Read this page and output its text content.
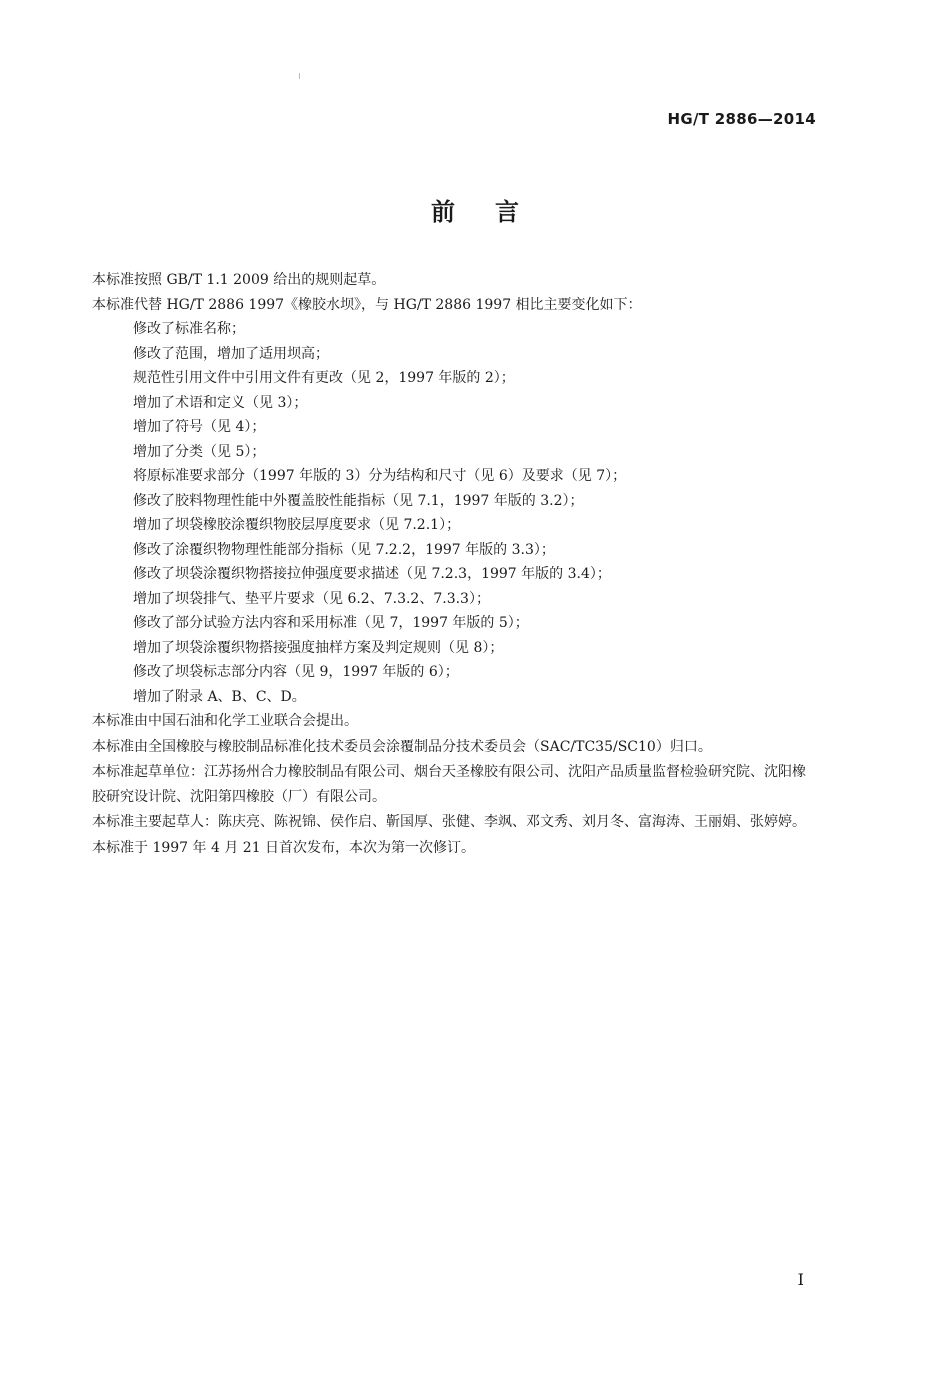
HG/T 2886—2014
前言

本标准按照 GB/T 1.1 2009 给出的规则起草。

本标准代替 HG/T 2886 1997《橡胶水坝》，与 HG/T 2886 1997 相比主要变化如下：

修改了标准名称；

修改了范围，增加了适用坝高；

规范性引用文件中引用文件有更改（见 2，1997 年版的 2）；

增加了术语和定义（见 3）；

增加了符号（见 4）；

增加了分类（见 5）；

将原标准要求部分（1997 年版的 3）分为结构和尺寸（见 6）及要求（见 7）；

修改了胶料物理性能中外覆盖胶性能指标（见 7.1，1997 年版的 3.2）；

增加了坝袋橡胶涂覆织物胶层厚度要求（见 7.2.1）；

修改了涂覆织物物理性能部分指标（见 7.2.2，1997 年版的 3.3）；

修改了坝袋涂覆织物搭接拉伸强度要求描述（见 7.2.3，1997 年版的 3.4）；

增加了坝袋排气、垫平片要求（见 6.2、7.3.2、7.3.3）；

修改了部分试验方法内容和采用标准（见 7，1997 年版的 5）；

增加了坝袋涂覆织物搭接强度抽样方案及判定规则（见 8）；

修改了坝袋标志部分内容（见 9，1997 年版的 6）；

增加了附录 A、B、C、D。

本标准由中国石油和化学工业联合会提出。

本标准由全国橡胶与橡胶制品标准化技术委员会涂覆制品分技术委员会（SAC/TC35/SC10）归口。

本标准起草单位：江苏扬州合力橡胶制品有限公司、烟台天圣橡胶有限公司、沈阳产品质量监督检验研究院、沈阳橡胶研究设计院、沈阳第四橡胶（厂）有限公司。

本标准主要起草人：陈庆亮、陈祝锦、侯作启、靳国厚、张健、李飒、邓文秀、刘月冬、富海涛、王丽娟、张婷婷。

本标准于 1997 年 4 月 21 日首次发布，本次为第一次修订。

I
